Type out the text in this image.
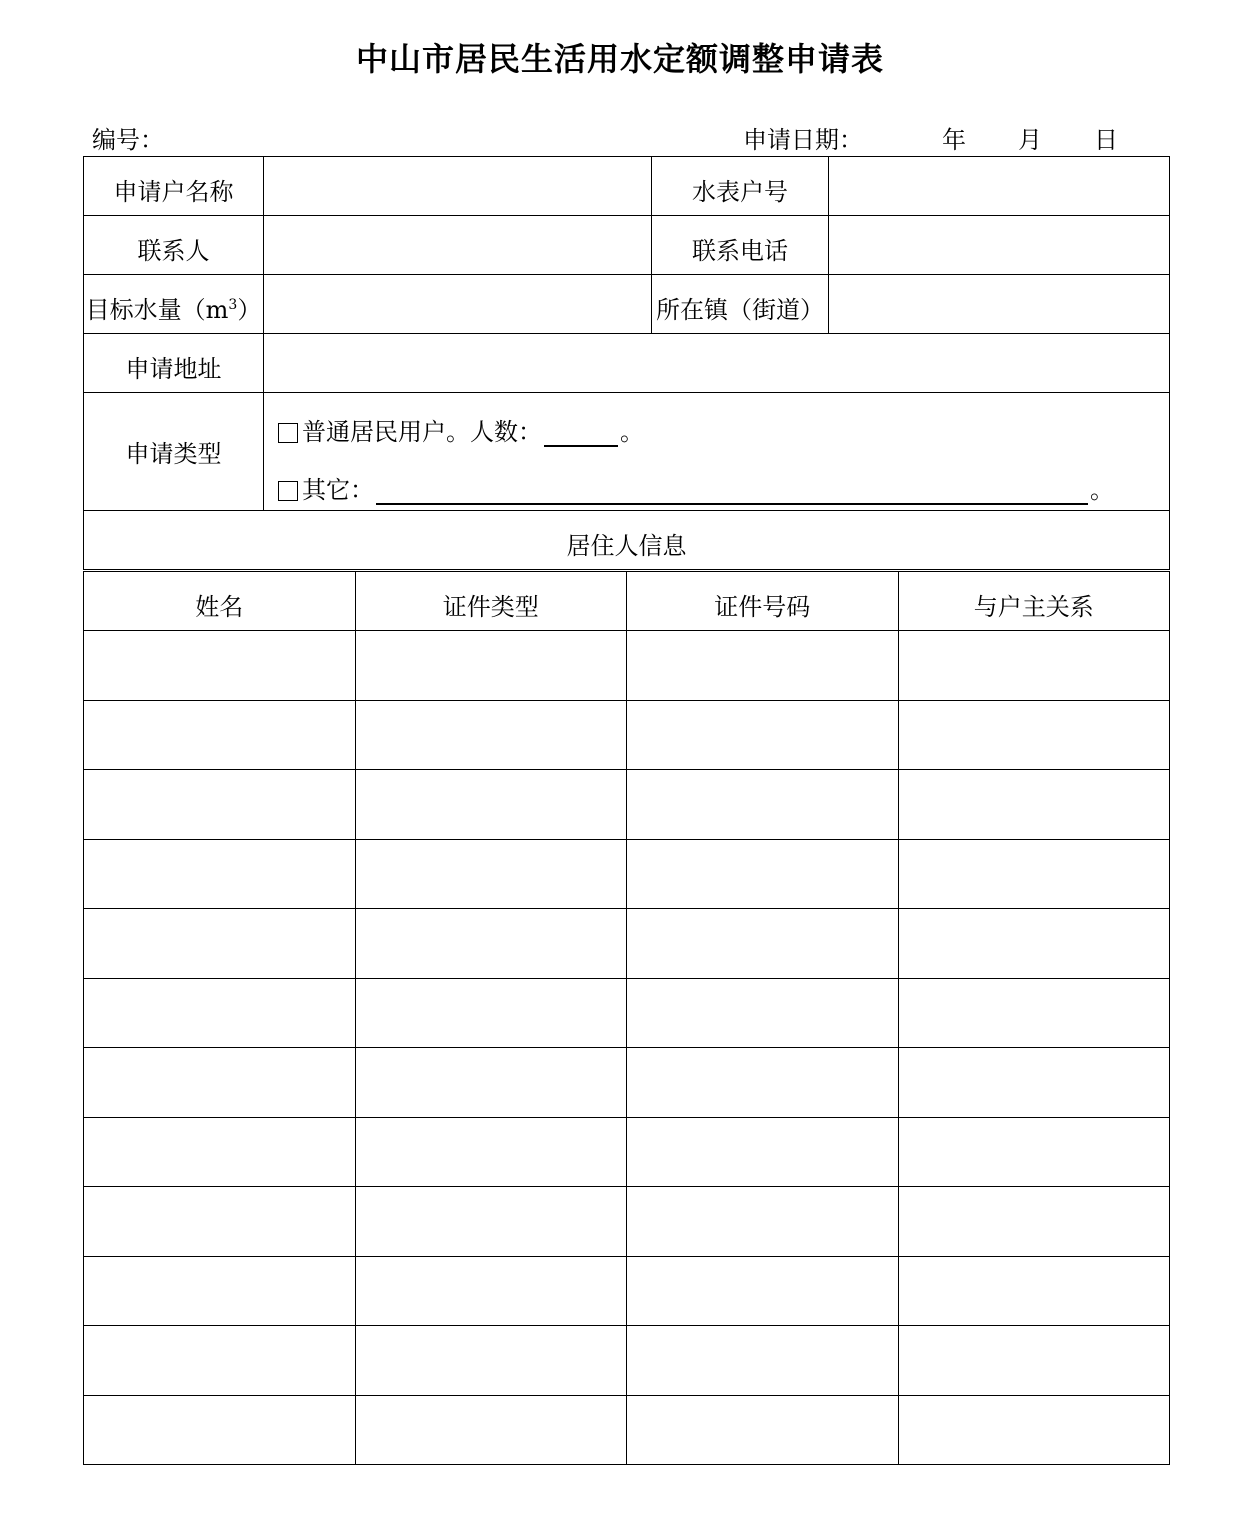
中山市居民生活用水定额调整申请表
编号：	申请日期：	年 月 日
申请户名称		水表户号	
联系人		联系电话	
目标水量$(m^3)$		所在镇（街道）	
申请地址			
申请类型	普通居民用户。人数： 。
其它： 。		

居住人信息			
姓名	证件类型	证件号码	与户主关系
